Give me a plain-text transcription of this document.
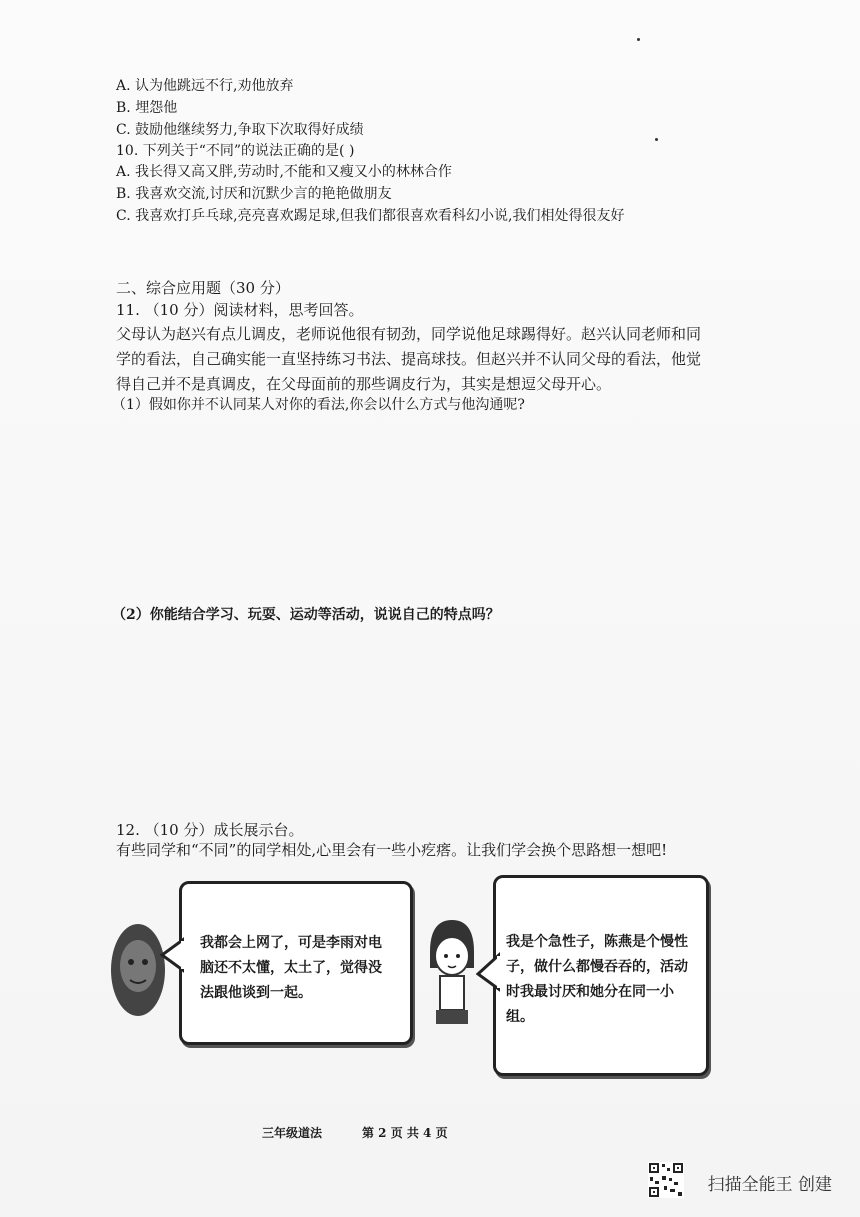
A. 认为他跳远不行,劝他放弃
B. 埋怨他
C. 鼓励他继续努力,争取下次取得好成绩
10. 下列关于“不同”的说法正确的是( )
A. 我长得又高又胖,劳动时,不能和又瘦又小的林林合作
B. 我喜欢交流,讨厌和沉默少言的艳艳做朋友
C. 我喜欢打乒乓球,亮亮喜欢踢足球,但我们都很喜欢看科幻小说,我们相处得很友好
二、综合应用题（30 分）
11. （10 分）阅读材料，思考回答。
父母认为赵兴有点儿调皮，老师说他很有韧劲，同学说他足球踢得好。赵兴认同老师和同学的看法，自己确实能一直坚持练习书法、提高球技。但赵兴并不认同父母的看法，他觉得自己并不是真调皮，在父母面前的那些调皮行为，其实是想逗父母开心。
（1）假如你并不认同某人对你的看法,你会以什么方式与他沟通呢?
（2）你能结合学习、玩耍、运动等活动，说说自己的特点吗？
12. （10 分）成长展示台。
有些同学和“不同”的同学相处,心里会有一些小疙瘩。让我们学会换个思路想一想吧!
我都会上网了，可是李雨对电脑还不太懂，太土了，觉得没法跟他谈到一起。
我是个急性子，陈燕是个慢性子，做什么都慢吞吞的，活动时我最讨厌和她分在同一小组。
三年级道法	第 2 页 共 4 页
扫描全能王 创建
